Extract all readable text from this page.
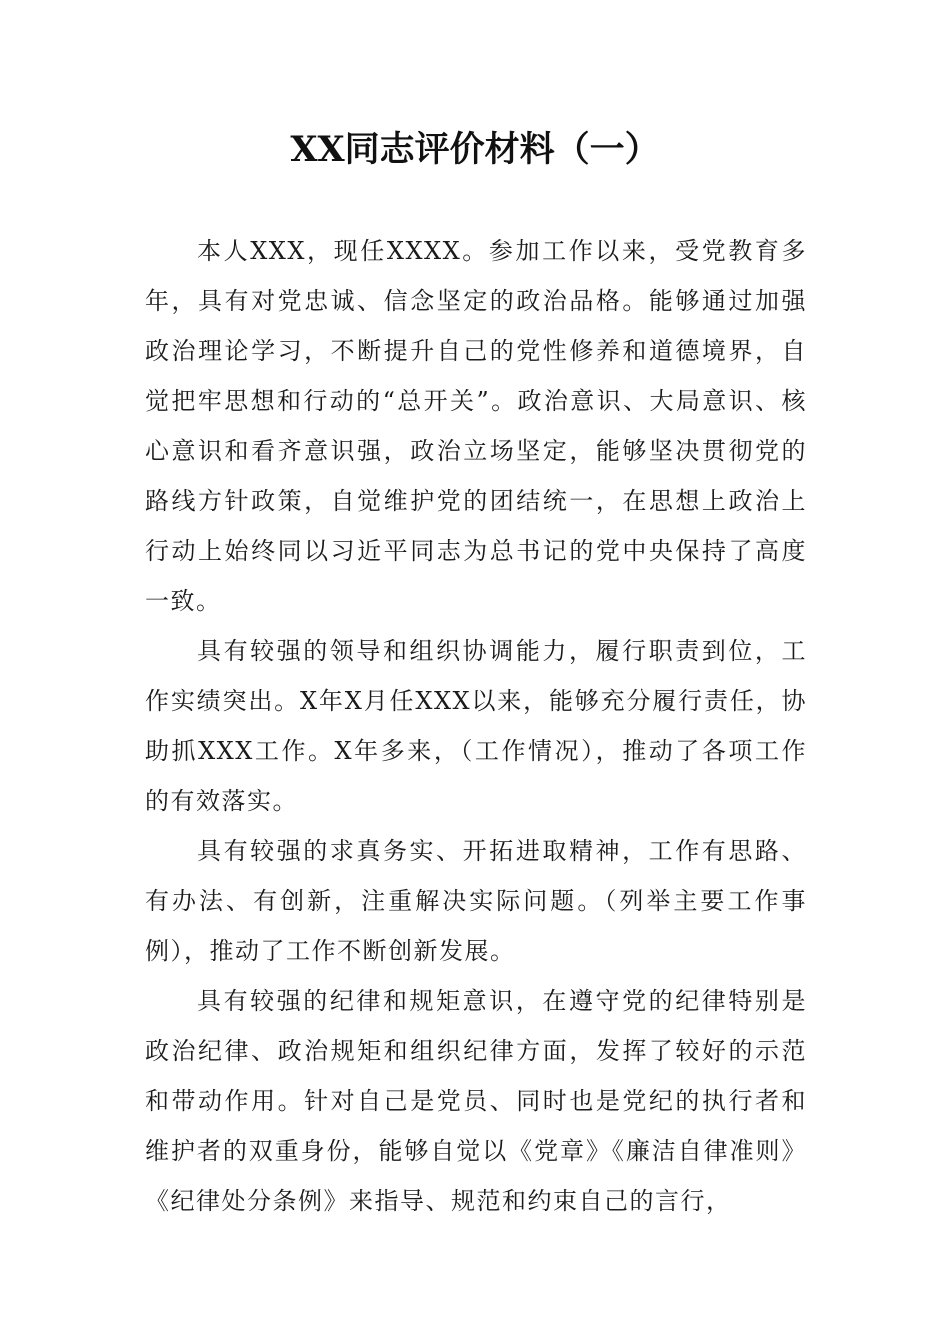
XX同志评价材料（一）

本人XXX，现任XXXX。参加工作以来，受党教育多年，具有对党忠诚、信念坚定的政治品格。能够通过加强政治理论学习，不断提升自己的党性修养和道德境界，自觉把牢思想和行动的“总开关”。政治意识、大局意识、核心意识和看齐意识强，政治立场坚定，能够坚决贯彻党的路线方针政策，自觉维护党的团结统一，在思想上政治上行动上始终同以习近平同志为总书记的党中央保持了高度一致。

具有较强的领导和组织协调能力，履行职责到位，工作实绩突出。X年X月任XXX以来，能够充分履行责任，协助抓XXX工作。X年多来，（工作情况），推动了各项工作的有效落实。

具有较强的求真务实、开拓进取精神，工作有思路、有办法、有创新，注重解决实际问题。（列举主要工作事例），推动了工作不断创新发展。

具有较强的纪律和规矩意识，在遵守党的纪律特别是政治纪律、政治规矩和组织纪律方面，发挥了较好的示范和带动作用。针对自己是党员、同时也是党纪的执行者和维护者的双重身份，能够自觉以《党章》《廉洁自律准则》《纪律处分条例》来指导、规范和约束自己的言行，
